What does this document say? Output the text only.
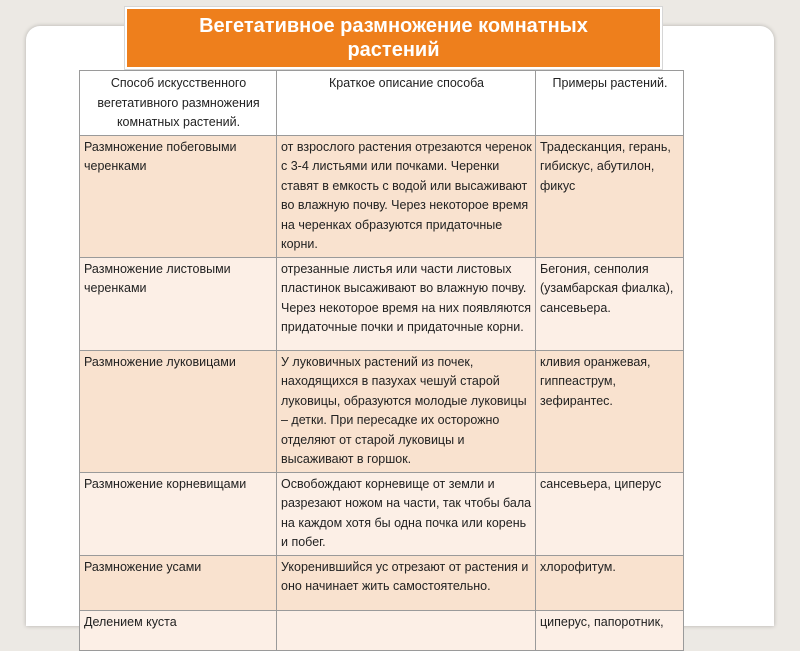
Вегетативное размножение комнатных растений
Способ искусственного вегетативного размножения комнатных растений.	Краткое описание способа	Примеры растений.
Размножение побеговыми черенками	от взрослого растения отрезаются черенок с 3-4 листьями или почками. Черенки ставят в емкость с водой или высаживают во влажную почву. Через некоторое время на черенках образуются придаточные корни.	Традесканция, герань, гибискус, абутилон, фикус
Размножение листовыми черенками	отрезанные листья или части листовых пластинок высаживают во влажную почву. Через некоторое время на них появляются придаточные почки и придаточные корни.	Бегония, сенполия (узамбарская фиалка), сансевьера.
Размножение луковицами	У луковичных растений из почек, находящихся в пазухах чешуй старой луковицы, образуются молодые луковицы – детки. При пересадке их осторожно отделяют от старой луковицы и высаживают в горшок.	кливия оранжевая, гиппеаструм, зефирантес.
Размножение корневищами	Освобождают корневище от земли и разрезают ножом на части, так чтобы бала на каждом хотя бы одна почка или корень и побег.	сансевьера, циперус
Размножение усами	Укоренившийся ус отрезают от растения и оно начинает жить самостоятельно.	хлорофитум.
Делением куста		циперус, папоротник,
